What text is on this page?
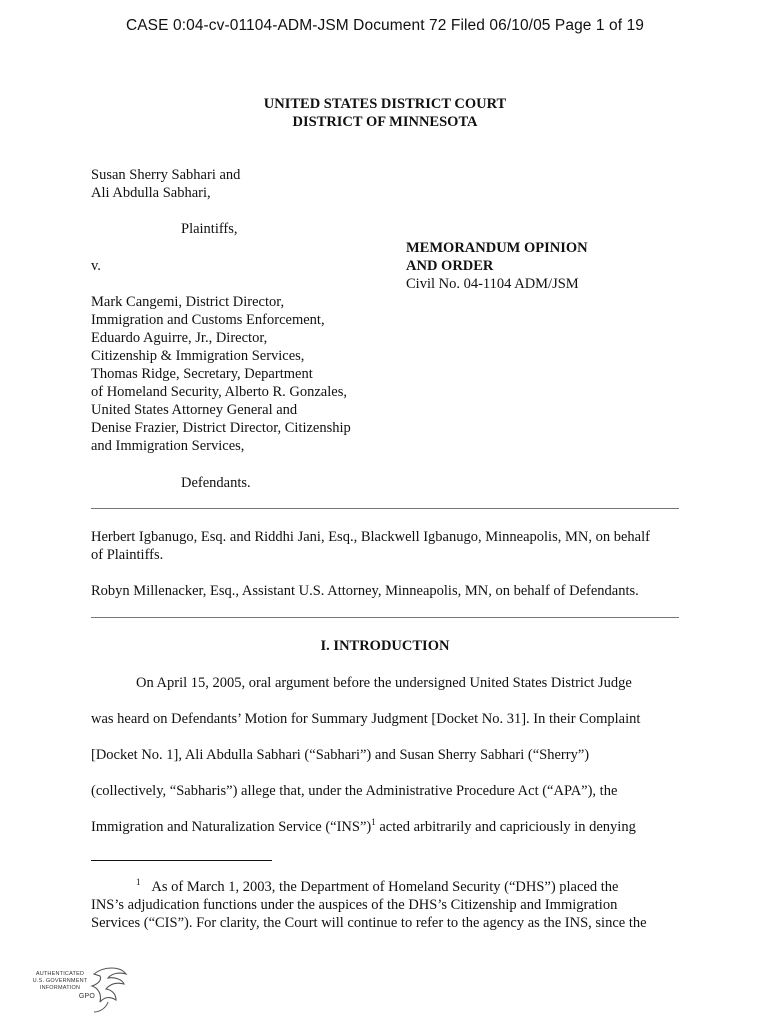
CASE 0:04-cv-01104-ADM-JSM Document 72 Filed 06/10/05 Page 1 of 19
UNITED STATES DISTRICT COURT
DISTRICT OF MINNESOTA
Susan Sherry Sabhari and
Ali Abdulla Sabhari,
Plaintiffs,
v.
MEMORANDUM OPINION
AND ORDER
Civil No. 04-1104 ADM/JSM
Mark Cangemi, District Director,
Immigration and Customs Enforcement,
Eduardo Aguirre, Jr., Director,
Citizenship & Immigration Services,
Thomas Ridge, Secretary, Department
of Homeland Security, Alberto R. Gonzales,
United States Attorney General and
Denise Frazier, District Director, Citizenship
and Immigration Services,
Defendants.
Herbert Igbanugo, Esq. and Riddhi Jani, Esq., Blackwell Igbanugo, Minneapolis, MN, on behalf
of Plaintiffs.
Robyn Millenacker, Esq., Assistant U.S. Attorney, Minneapolis, MN, on behalf of Defendants.
I. INTRODUCTION
On April 15, 2005, oral argument before the undersigned United States District Judge
was heard on Defendants’ Motion for Summary Judgment [Docket No. 31]. In their Complaint
[Docket No. 1], Ali Abdulla Sabhari (“Sabhari”) and Susan Sherry Sabhari (“Sherry”)
(collectively, “Sabharis”) allege that, under the Administrative Procedure Act (“APA”), the
Immigration and Naturalization Service (“INS”)$^1$ acted arbitrarily and capriciously in denying
$^1$ As of March 1, 2003, the Department of Homeland Security (“DHS”) placed the
INS’s adjudication functions under the auspices of the DHS’s Citizenship and Immigration
Services (“CIS”). For clarity, the Court will continue to refer to the agency as the INS, since the
AUTHENTICATED
U.S. GOVERNMENT
INFORMATION
GPO
